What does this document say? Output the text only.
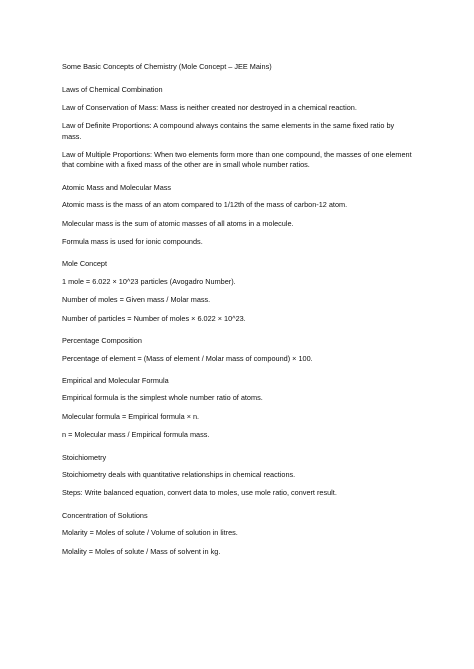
Some Basic Concepts of Chemistry (Mole Concept – JEE Mains)
Laws of Chemical Combination
Law of Conservation of Mass: Mass is neither created nor destroyed in a chemical reaction.
Law of Definite Proportions: A compound always contains the same elements in the same fixed ratio by mass.
Law of Multiple Proportions: When two elements form more than one compound, the masses of one element that combine with a fixed mass of the other are in small whole number ratios.
Atomic Mass and Molecular Mass
Atomic mass is the mass of an atom compared to 1/12th of the mass of carbon-12 atom.
Molecular mass is the sum of atomic masses of all atoms in a molecule.
Formula mass is used for ionic compounds.
Mole Concept
1 mole = 6.022 × 10^23 particles (Avogadro Number).
Number of moles = Given mass / Molar mass.
Number of particles = Number of moles × 6.022 × 10^23.
Percentage Composition
Percentage of element = (Mass of element / Molar mass of compound) × 100.
Empirical and Molecular Formula
Empirical formula is the simplest whole number ratio of atoms.
Molecular formula = Empirical formula × n.
n = Molecular mass / Empirical formula mass.
Stoichiometry
Stoichiometry deals with quantitative relationships in chemical reactions.
Steps: Write balanced equation, convert data to moles, use mole ratio, convert result.
Concentration of Solutions
Molarity = Moles of solute / Volume of solution in litres.
Molality = Moles of solute / Mass of solvent in kg.
